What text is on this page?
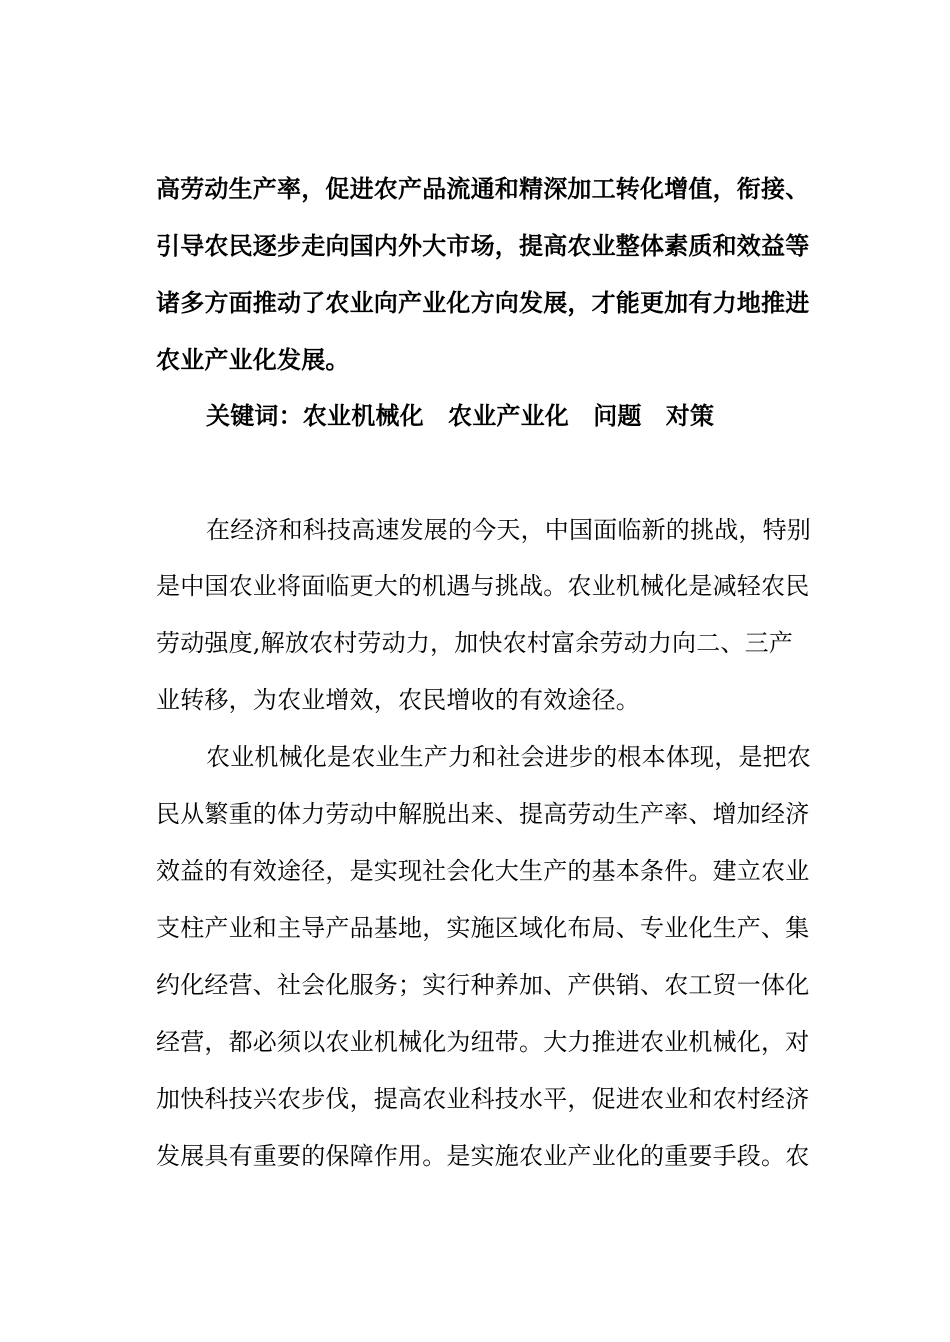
高劳动生产率，促进农产品流通和精深加工转化增值，衔接、
引导农民逐步走向国内外大市场，提高农业整体素质和效益等
诸多方面推动了农业向产业化方向发展，才能更加有力地推进
农业产业化发展。
关键词：农业机械化　农业产业化　问题　对策
在经济和科技高速发展的今天，中国面临新的挑战，特别
是中国农业将面临更大的机遇与挑战。农业机械化是减轻农民
劳动强度,解放农村劳动力，加快农村富余劳动力向二、三产
业转移，为农业增效，农民增收的有效途径。
农业机械化是农业生产力和社会进步的根本体现，是把农
民从繁重的体力劳动中解脱出来、提高劳动生产率、增加经济
效益的有效途径，是实现社会化大生产的基本条件。建立农业
支柱产业和主导产品基地，实施区域化布局、专业化生产、集
约化经营、社会化服务；实行种养加、产供销、农工贸一体化
经营，都必须以农业机械化为纽带。大力推进农业机械化，对
加快科技兴农步伐，提高农业科技水平，促进农业和农村经济
发展具有重要的保障作用。是实施农业产业化的重要手段。农
